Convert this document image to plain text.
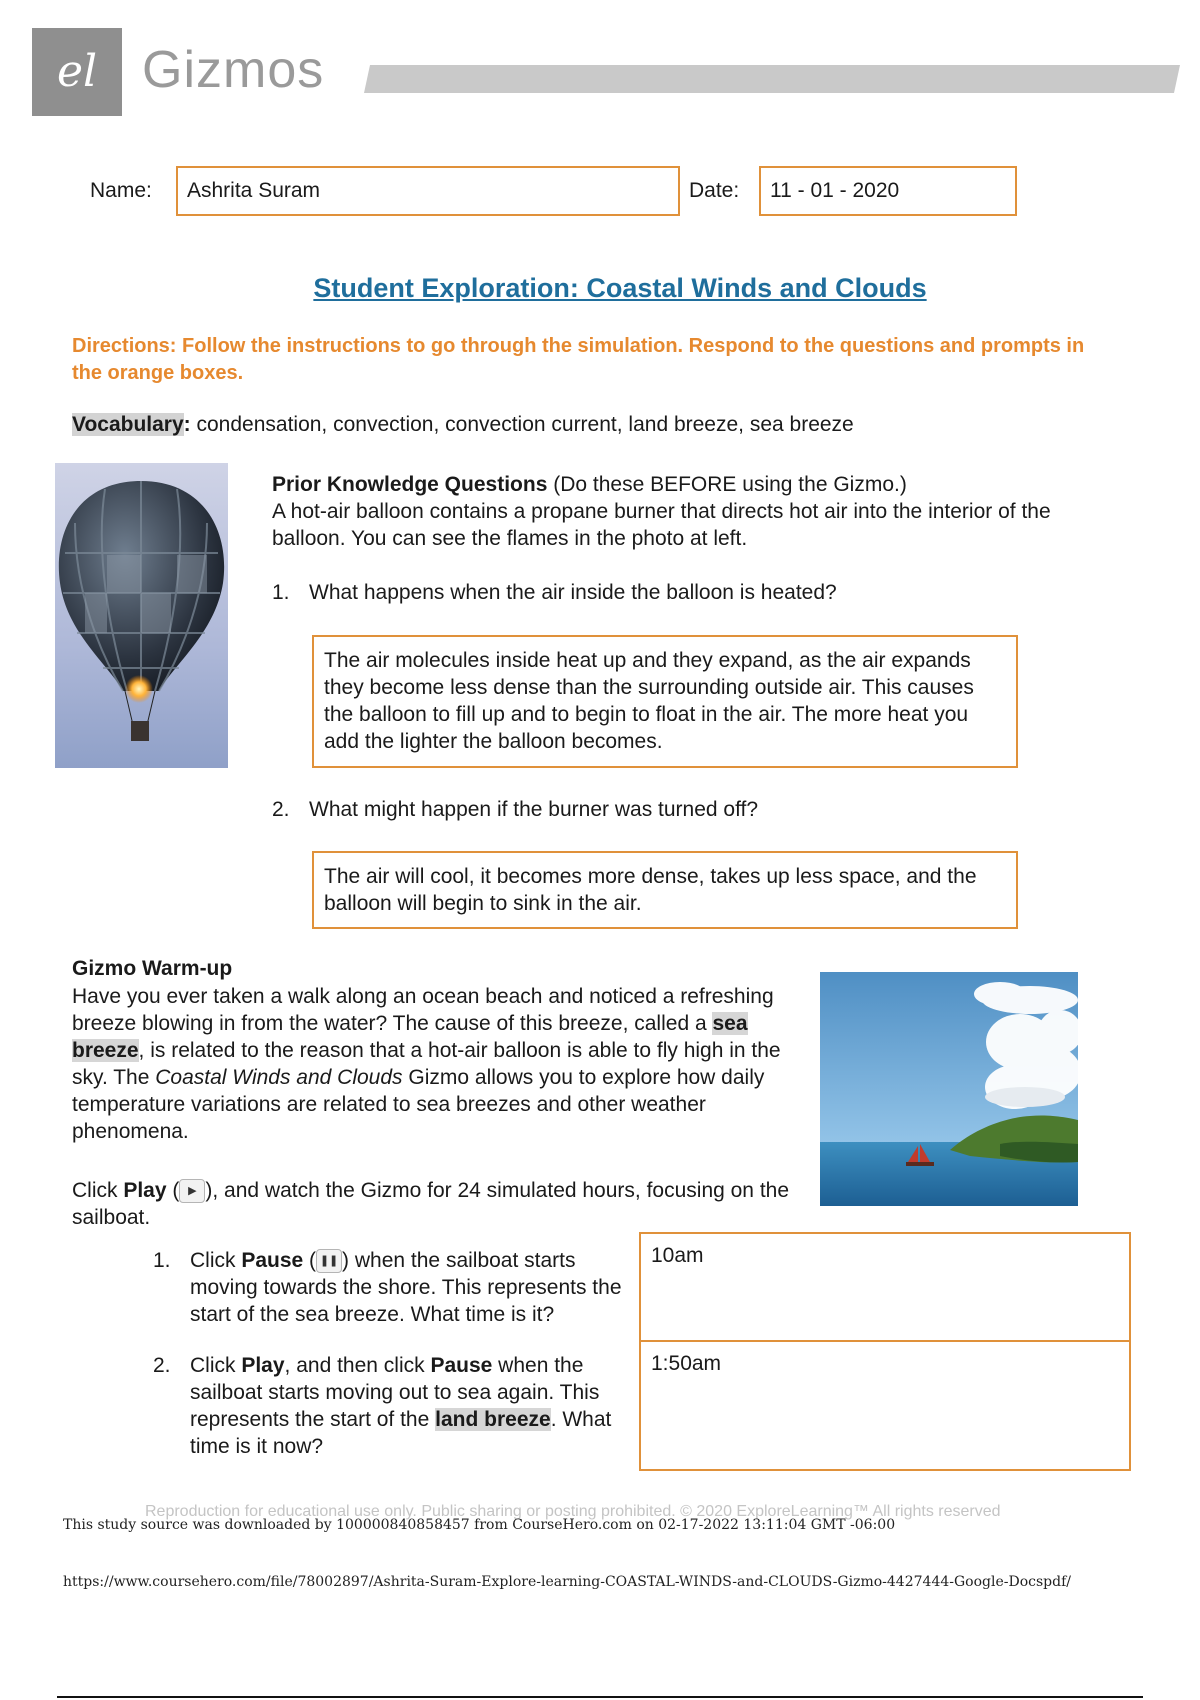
el Gizmos
Name:	Ashrita Suram	Date:	11 - 01 - 2020
Student Exploration: Coastal Winds and Clouds
Directions: Follow the instructions to go through the simulation. Respond to the questions and prompts in the orange boxes.
Vocabulary: condensation, convection, convection current, land breeze, sea breeze
Prior Knowledge Questions (Do these BEFORE using the Gizmo.)
A hot-air balloon contains a propane burner that directs hot air into the interior of the balloon. You can see the flames in the photo at left.
1. What happens when the air inside the balloon is heated?
The air molecules inside heat up and they expand, as the air expands they become less dense than the surrounding outside air. This causes the balloon to fill up and to begin to float in the air. The more heat you add the lighter the balloon becomes.
2. What might happen if the burner was turned off?
The air will cool, it becomes more dense, takes up less space, and the balloon will begin to sink in the air.
Gizmo Warm-up
Have you ever taken a walk along an ocean beach and noticed a refreshing breeze blowing in from the water? The cause of this breeze, called a sea breeze, is related to the reason that a hot-air balloon is able to fly high in the sky. The Coastal Winds and Clouds Gizmo allows you to explore how daily temperature variations are related to sea breezes and other weather phenomena.
Click Play ( ▶ ), and watch the Gizmo for 24 simulated hours, focusing on the sailboat.
1. Click Pause ( ❚❚ ) when the sailboat starts moving towards the shore. This represents the start of the sea breeze. What time is it?
10am
2. Click Play, and then click Pause when the sailboat starts moving out to sea again. This represents the start of the land breeze. What time is it now?
1:50am
Reproduction for educational use only. Public sharing or posting prohibited. © 2020 ExploreLearning™ All rights reserved
This study source was downloaded by 100000840858457 from CourseHero.com on 02-17-2022 13:11:04 GMT -06:00
https://www.coursehero.com/file/78002897/Ashrita-Suram-Explore-learning-COASTAL-WINDS-and-CLOUDS-Gizmo-4427444-Google-Docspdf/
